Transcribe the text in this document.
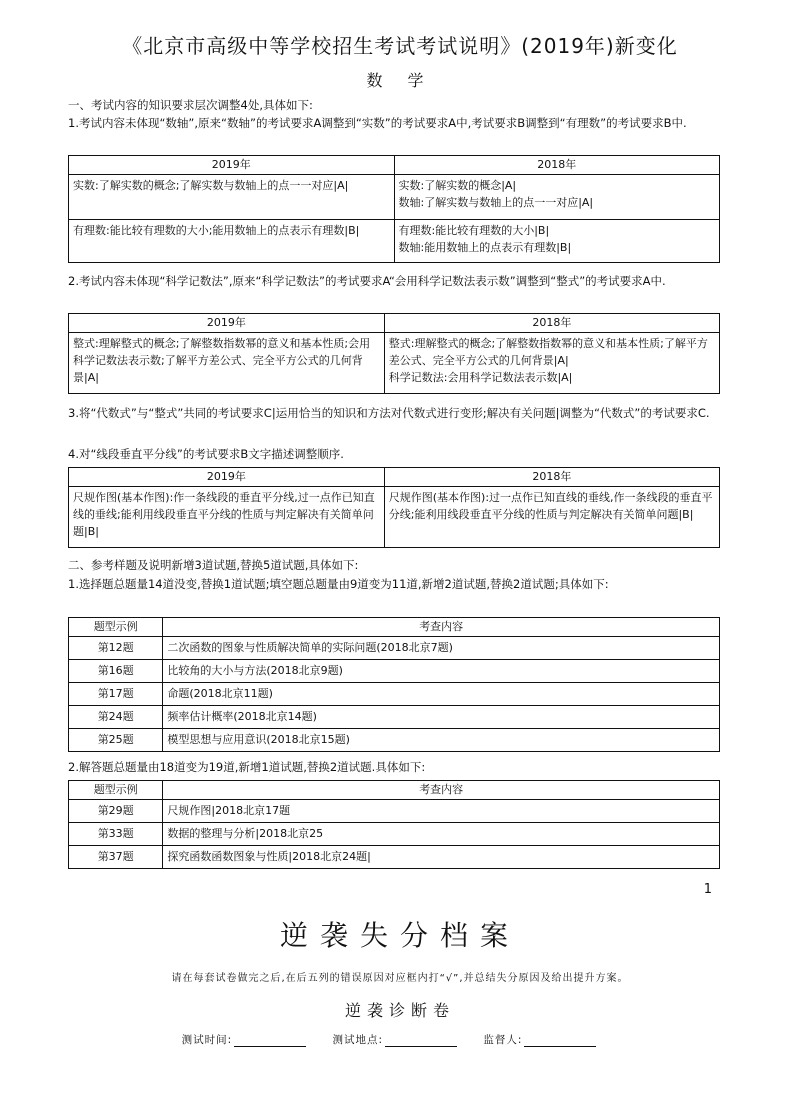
《北京市高级中等学校招生考试考试说明》(2019年)新变化
数 学
一、考试内容的知识要求层次调整4处,具体如下:
1.考试内容未体现“数轴”,原来“数轴”的考试要求A调整到“实数”的考试要求A中,考试要求B调整到“有理数”的考试要求B中.
2019年	2018年
实数:了解实数的概念;了解实数与数轴上的点一一对应|A|	实数:了解实数的概念|A|
数轴:了解实数与数轴上的点一一对应|A|
有理数:能比较有理数的大小;能用数轴上的点表示有理数|B|	有理数:能比较有理数的大小|B|
数轴:能用数轴上的点表示有理数|B|
2.考试内容未体现“科学记数法”,原来“科学记数法”的考试要求A“会用科学记数法表示数”调整到“整式”的考试要求A中.
2019年	2018年
整式:理解整式的概念;了解整数指数幂的意义和基本性质;会用科学记数法表示数;了解平方差公式、完全平方公式的几何背景|A|	整式:理解整式的概念;了解整数指数幂的意义和基本性质;了解平方差公式、完全平方公式的几何背景|A|
科学记数法:会用科学记数法表示数|A|
3.将“代数式”与“整式”共同的考试要求C|运用恰当的知识和方法对代数式进行变形;解决有关问题|调整为“代数式”的考试要求C.
4.对“线段垂直平分线”的考试要求B文字描述调整顺序.
2019年	2018年
尺规作图(基本作图):作一条线段的垂直平分线,过一点作已知直线的垂线;能利用线段垂直平分线的性质与判定解决有关简单问题|B|	尺规作图(基本作图):过一点作已知直线的垂线,作一条线段的垂直平分线;能利用线段垂直平分线的性质与判定解决有关简单问题|B|
二、参考样题及说明新增3道试题,替换5道试题,具体如下:
1.选择题总题量14道没变,替换1道试题;填空题总题量由9道变为11道,新增2道试题,替换2道试题;具体如下:
题型示例	考查内容
第12题	二次函数的图象与性质解决简单的实际问题(2018北京7题)
第16题	比较角的大小与方法(2018北京9题)
第17题	命题(2018北京11题)
第24题	频率估计概率(2018北京14题)
第25题	模型思想与应用意识(2018北京15题)
2.解答题总题量由18道变为19道,新增1道试题,替换2道试题.具体如下:
题型示例	考查内容
第29题	尺规作图|2018北京17题
第33题	数据的整理与分析|2018北京25
第37题	探究函数函数图象与性质|2018北京24题|
1
逆袭失分档案
请在每套试卷做完之后,在后五列的错误原因对应框内打“√”,并总结失分原因及给出提升方案。
逆袭诊断卷
测试时间:	测试地点:	监督人:
